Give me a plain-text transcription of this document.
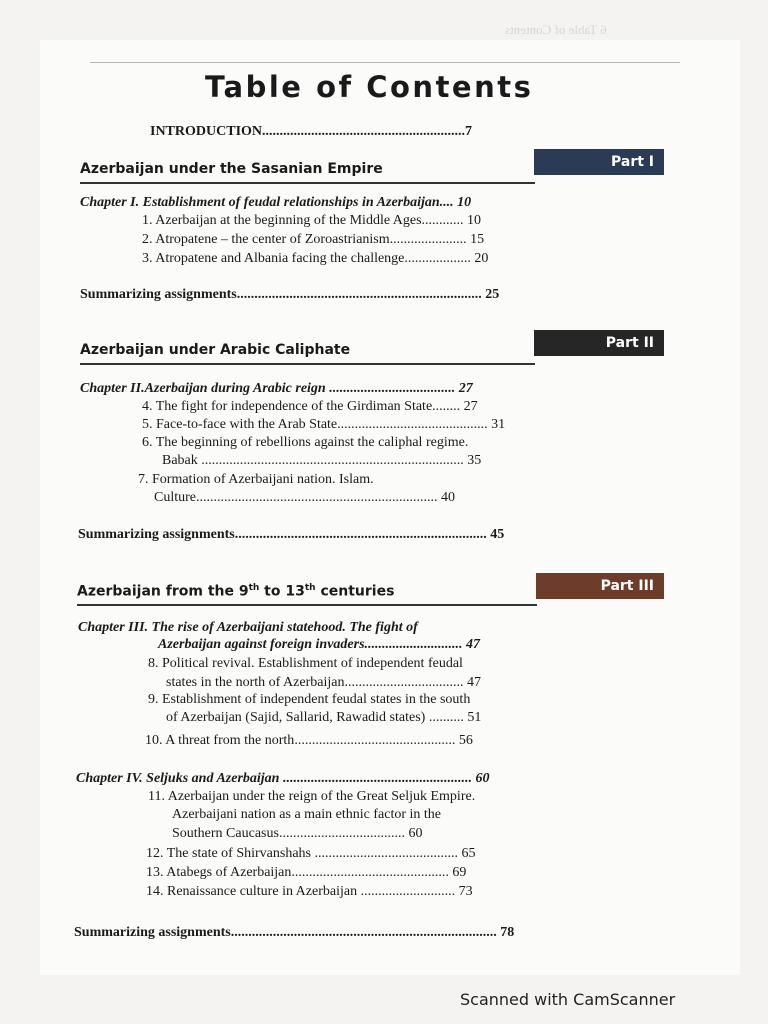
6 Table of Contents
Table of Contents
INTRODUCTION..........................................................7
Azerbaijan under the Sasanian Empire	Part I
Chapter I. Establishment of feudal relationships in Azerbaijan.... 10
1. Azerbaijan at the beginning of the Middle Ages............ 10
2. Atropatene – the center of Zoroastrianism...................... 15
3. Atropatene and Albania facing the challenge................... 20
Summarizing assignments...................................................................... 25
Azerbaijan under Arabic Caliphate	Part II
Chapter II.Azerbaijan during Arabic reign .................................... 27
4. The fight for independence of the Girdiman State........ 27
5. Face-to-face with the Arab State........................................... 31
6. The beginning of rebellions against the caliphal regime.
Babak ........................................................................... 35
7. Formation of Azerbaijani nation. Islam.
Culture..................................................................... 40
Summarizing assignments........................................................................ 45
Azerbaijan from the 9th to 13th centuries	Part III
Chapter III. The rise of Azerbaijani statehood. The fight of
Azerbaijan against foreign invaders............................ 47
8. Political revival. Establishment of independent feudal
states in the north of Azerbaijan.................................. 47
9. Establishment of independent feudal states in the south
of Azerbaijan (Sajid, Sallarid, Rawadid states) .......... 51
10. A threat from the north.............................................. 56
Chapter IV. Seljuks and Azerbaijan ...................................................... 60
11. Azerbaijan under the reign of the Great Seljuk Empire.
Azerbaijani nation as a main ethnic factor in the
Southern Caucasus.................................... 60
12. The state of Shirvanshahs ......................................... 65
13. Atabegs of Azerbaijan............................................. 69
14. Renaissance culture in Azerbaijan ........................... 73
Summarizing assignments............................................................................ 78
Scanned with CamScanner
